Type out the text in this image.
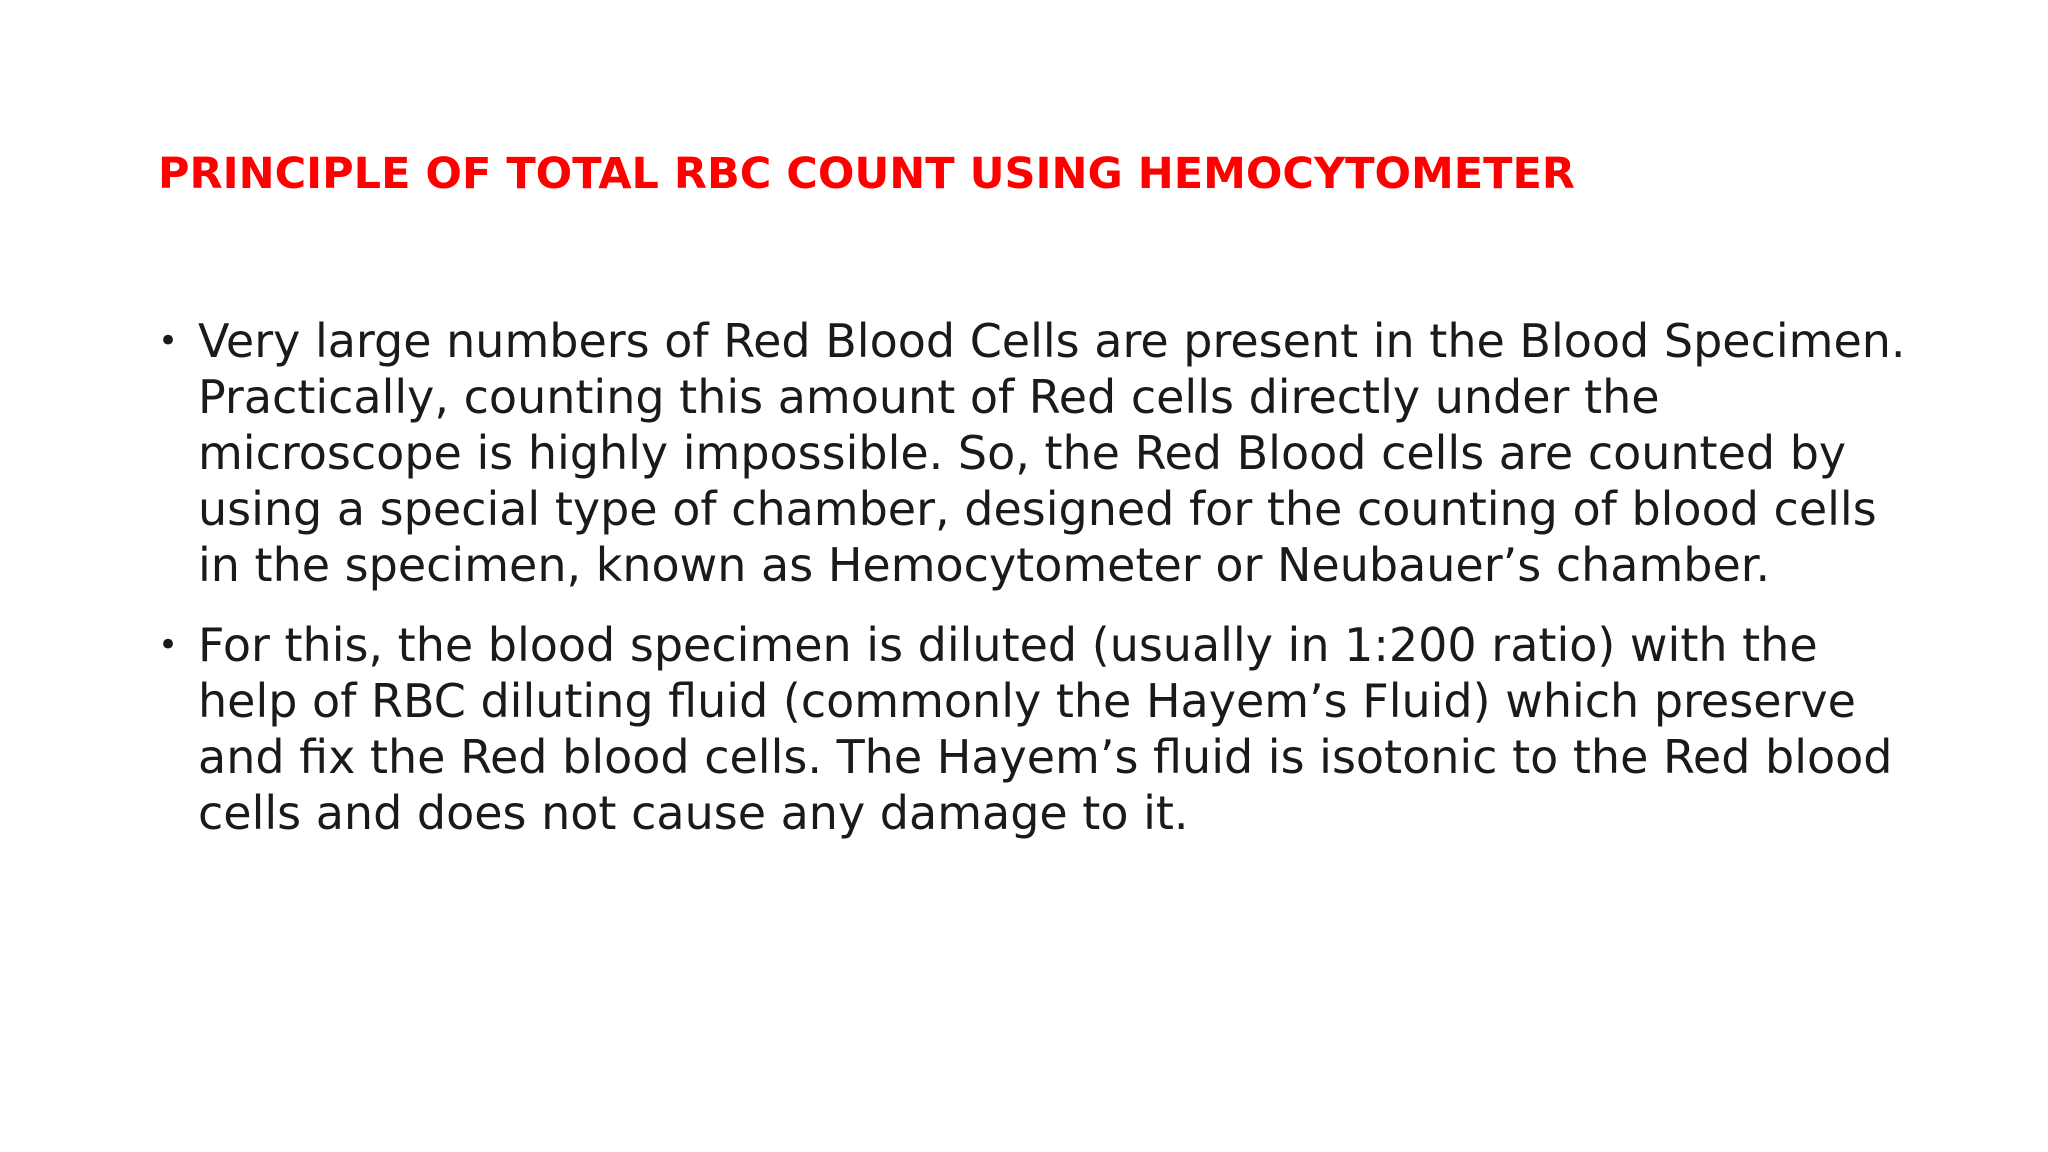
PRINCIPLE OF TOTAL RBC COUNT USING HEMOCYTOMETER
• Very large numbers of Red Blood Cells are present in the Blood Specimen. Practically, counting this amount of Red cells directly under the microscope is highly impossible. So, the Red Blood cells are counted by using a special type of chamber, designed for the counting of blood cells in the specimen, known as Hemocytometer or Neubauer’s chamber.
• For this, the blood specimen is diluted (usually in 1:200 ratio) with the help of RBC diluting fluid (commonly the Hayem’s Fluid) which preserve and fix the Red blood cells. The Hayem’s fluid is isotonic to the Red blood cells and does not cause any damage to it.
